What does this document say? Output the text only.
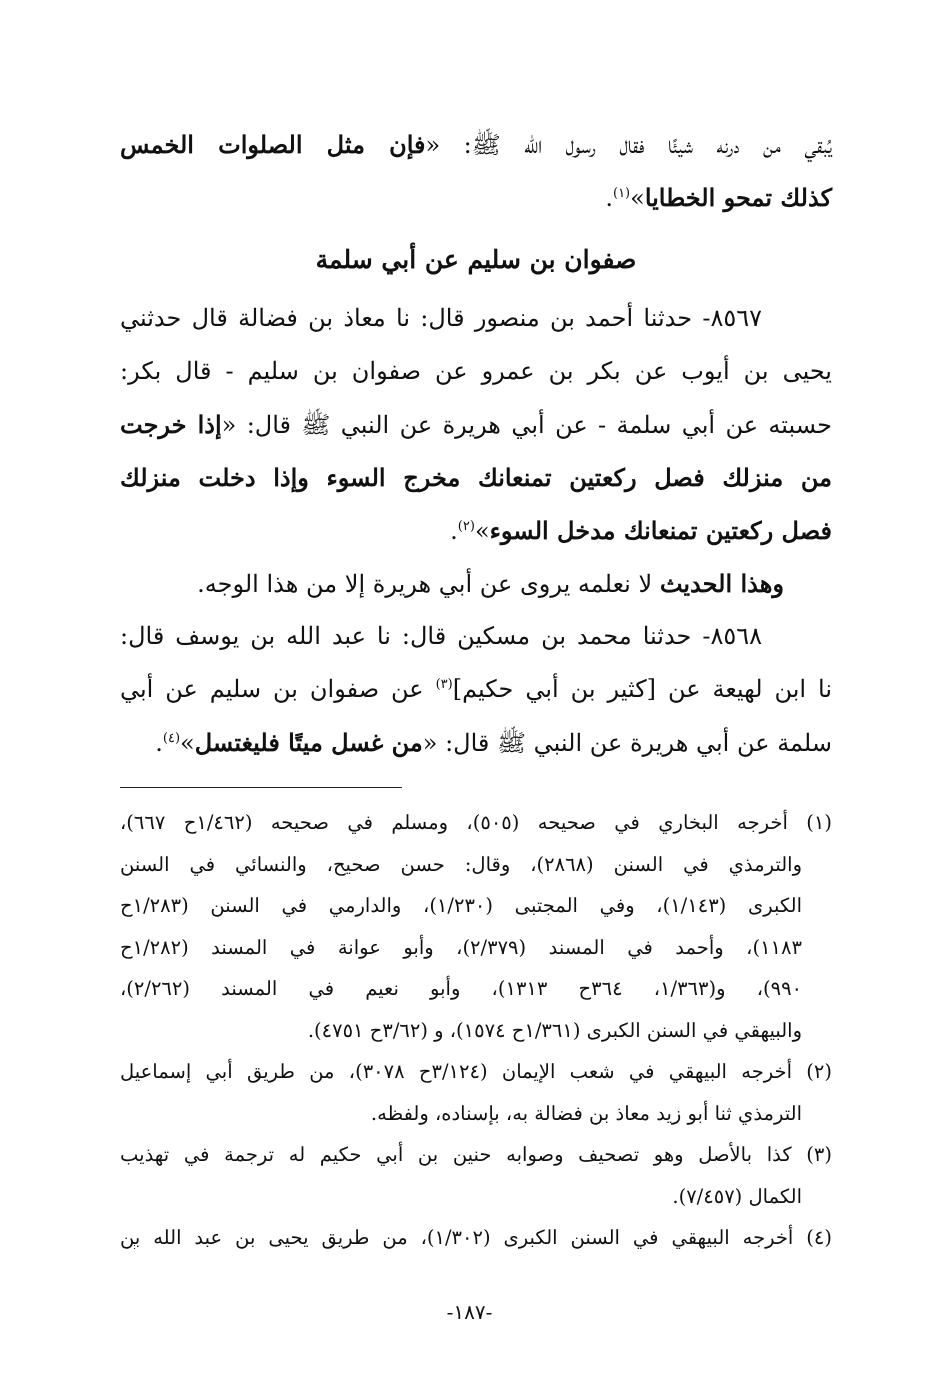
يُبقي من درنه شيئًا فقال رسول الله ﷺ: «فإن مثل الصلوات الخمس
كذلك تمحو الخطايا»$^{(١)}$.
صفوان بن سليم عن أبي سلمة
٨٥٦٧- حدثنا أحمد بن منصور قال: نا معاذ بن فضالة قال حدثني
يحيى بن أيوب عن بكر بن عمرو عن صفوان بن سليم - قال بكر:
حسبته عن أبي سلمة - عن أبي هريرة عن النبي ﷺ قال: «إذا خرجت
من منزلك فصل ركعتين تمنعانك مخرج السوء وإذا دخلت منزلك
فصل ركعتين تمنعانك مدخل السوء»$^{(٢)}$.
وهذا الحديث لا نعلمه يروى عن أبي هريرة إلا من هذا الوجه.
٨٥٦٨- حدثنا محمد بن مسكين قال: نا عبد الله بن يوسف قال:
نا ابن لهيعة عن [كثير بن أبي حكيم]$^{(٣)}$ عن صفوان بن سليم عن أبي
سلمة عن أبي هريرة عن النبي ﷺ قال: «من غسل ميتًا فليغتسل»$^{(٤)}$.
(١) أخرجه البخاري في صحيحه (٥٠٥)، ومسلم في صحيحه (١/٤٦٢ح ٦٦٧)،
والترمذي في السنن (٢٨٦٨)، وقال: حسن صحيح، والنسائي في السنن
الكبرى (١/١٤٣)، وفي المجتبى (١/٢٣٠)، والدارمي في السنن (١/٢٨٣ح
١١٨٣)، وأحمد في المسند (٢/٣٧٩)، وأبو عوانة في المسند (١/٢٨٢ح
٩٩٠)، و(١/٣٦٣، ٣٦٤ح ١٣١٣)، وأبو نعيم في المسند (٢/٢٦٢)،
والبيهقي في السنن الكبرى (١/٣٦١ح ١٥٧٤)، و (٣/٦٢ح ٤٧٥١).
(٢) أخرجه البيهقي في شعب الإيمان (٣/١٢٤ح ٣٠٧٨)، من طريق أبي إسماعيل
الترمذي ثنا أبو زيد معاذ بن فضالة به، بإسناده، ولفظه.
(٣) كذا بالأصل وهو تصحيف وصوابه حنين بن أبي حكيم له ترجمة في تهذيب
الكمال (٧/٤٥٧).
(٤) أخرجه البيهقي في السنن الكبرى (١/٣٠٢)، من طريق يحيى بن عبد الله بن
-١٨٧-
